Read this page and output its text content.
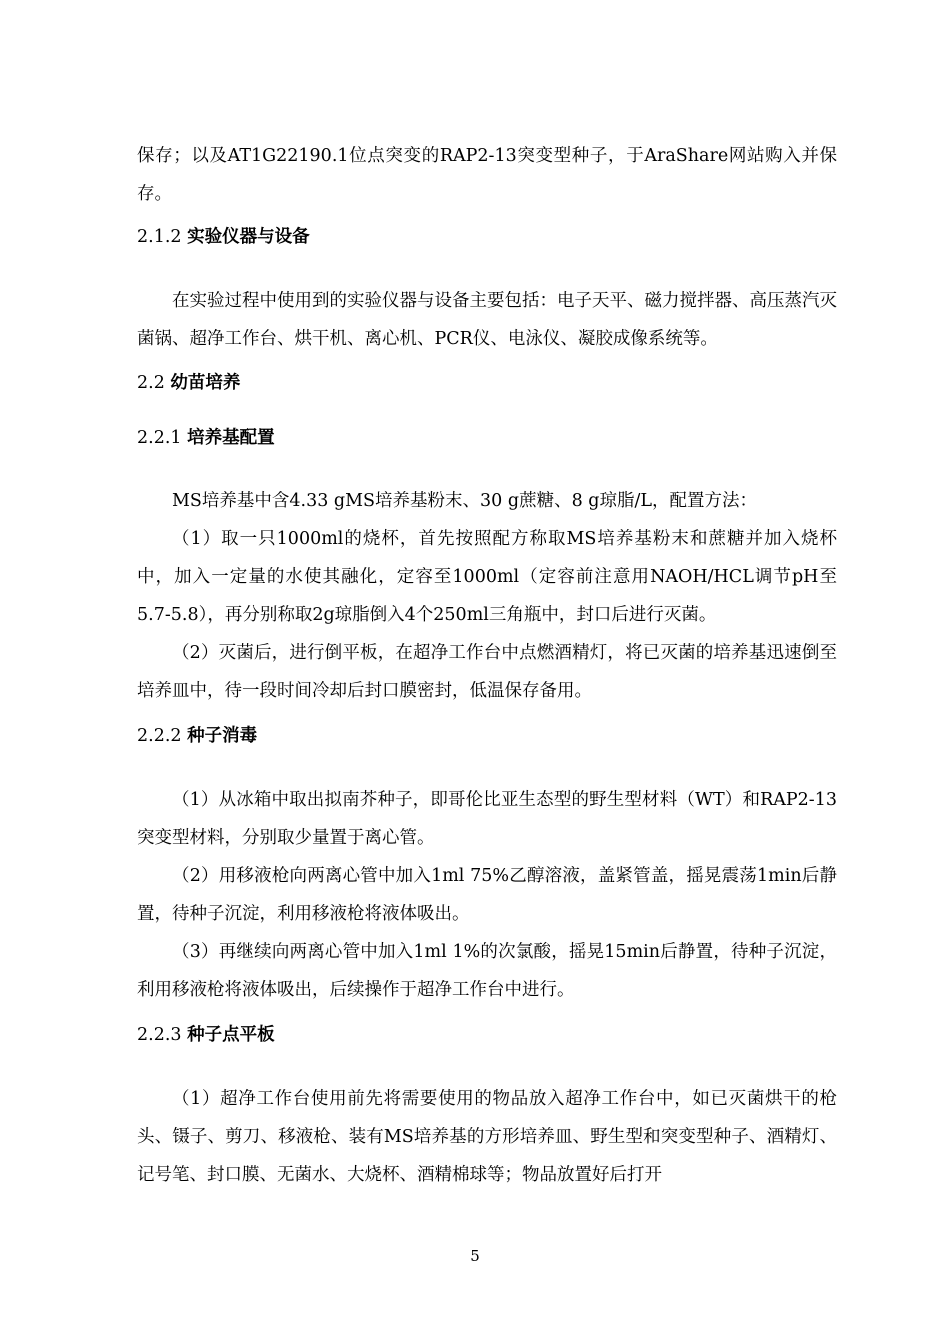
保存；以及AT1G22190.1位点突变的RAP2-13突变型种子，于AraShare网站购入并保存。

2.1.2 实验仪器与设备

在实验过程中使用到的实验仪器与设备主要包括：电子天平、磁力搅拌器、高压蒸汽灭菌锅、超净工作台、烘干机、离心机、PCR仪、电泳仪、凝胶成像系统等。

2.2 幼苗培养
2.2.1 培养基配置

MS培养基中含4.33 gMS培养基粉末、30 g蔗糖、8 g琼脂/L，配置方法：

（1）取一只1000ml的烧杯，首先按照配方称取MS培养基粉末和蔗糖并加入烧杯中，加入一定量的水使其融化，定容至1000ml（定容前注意用NAOH/HCL调节pH至5.7-5.8），再分别称取2g琼脂倒入4个250ml三角瓶中，封口后进行灭菌。

（2）灭菌后，进行倒平板，在超净工作台中点燃酒精灯，将已灭菌的培养基迅速倒至培养皿中，待一段时间冷却后封口膜密封，低温保存备用。

2.2.2 种子消毒

（1）从冰箱中取出拟南芥种子，即哥伦比亚生态型的野生型材料（WT）和RAP2-13突变型材料，分别取少量置于离心管。

（2）用移液枪向两离心管中加入1ml 75%乙醇溶液，盖紧管盖，摇晃震荡1min后静置，待种子沉淀，利用移液枪将液体吸出。

（3）再继续向两离心管中加入1ml 1%的次氯酸，摇晃15min后静置，待种子沉淀，利用移液枪将液体吸出，后续操作于超净工作台中进行。

2.2.3 种子点平板

（1）超净工作台使用前先将需要使用的物品放入超净工作台中，如已灭菌烘干的枪头、镊子、剪刀、移液枪、装有MS培养基的方形培养皿、野生型和突变型种子、酒精灯、记号笔、封口膜、无菌水、大烧杯、酒精棉球等；物品放置好后打开

5
